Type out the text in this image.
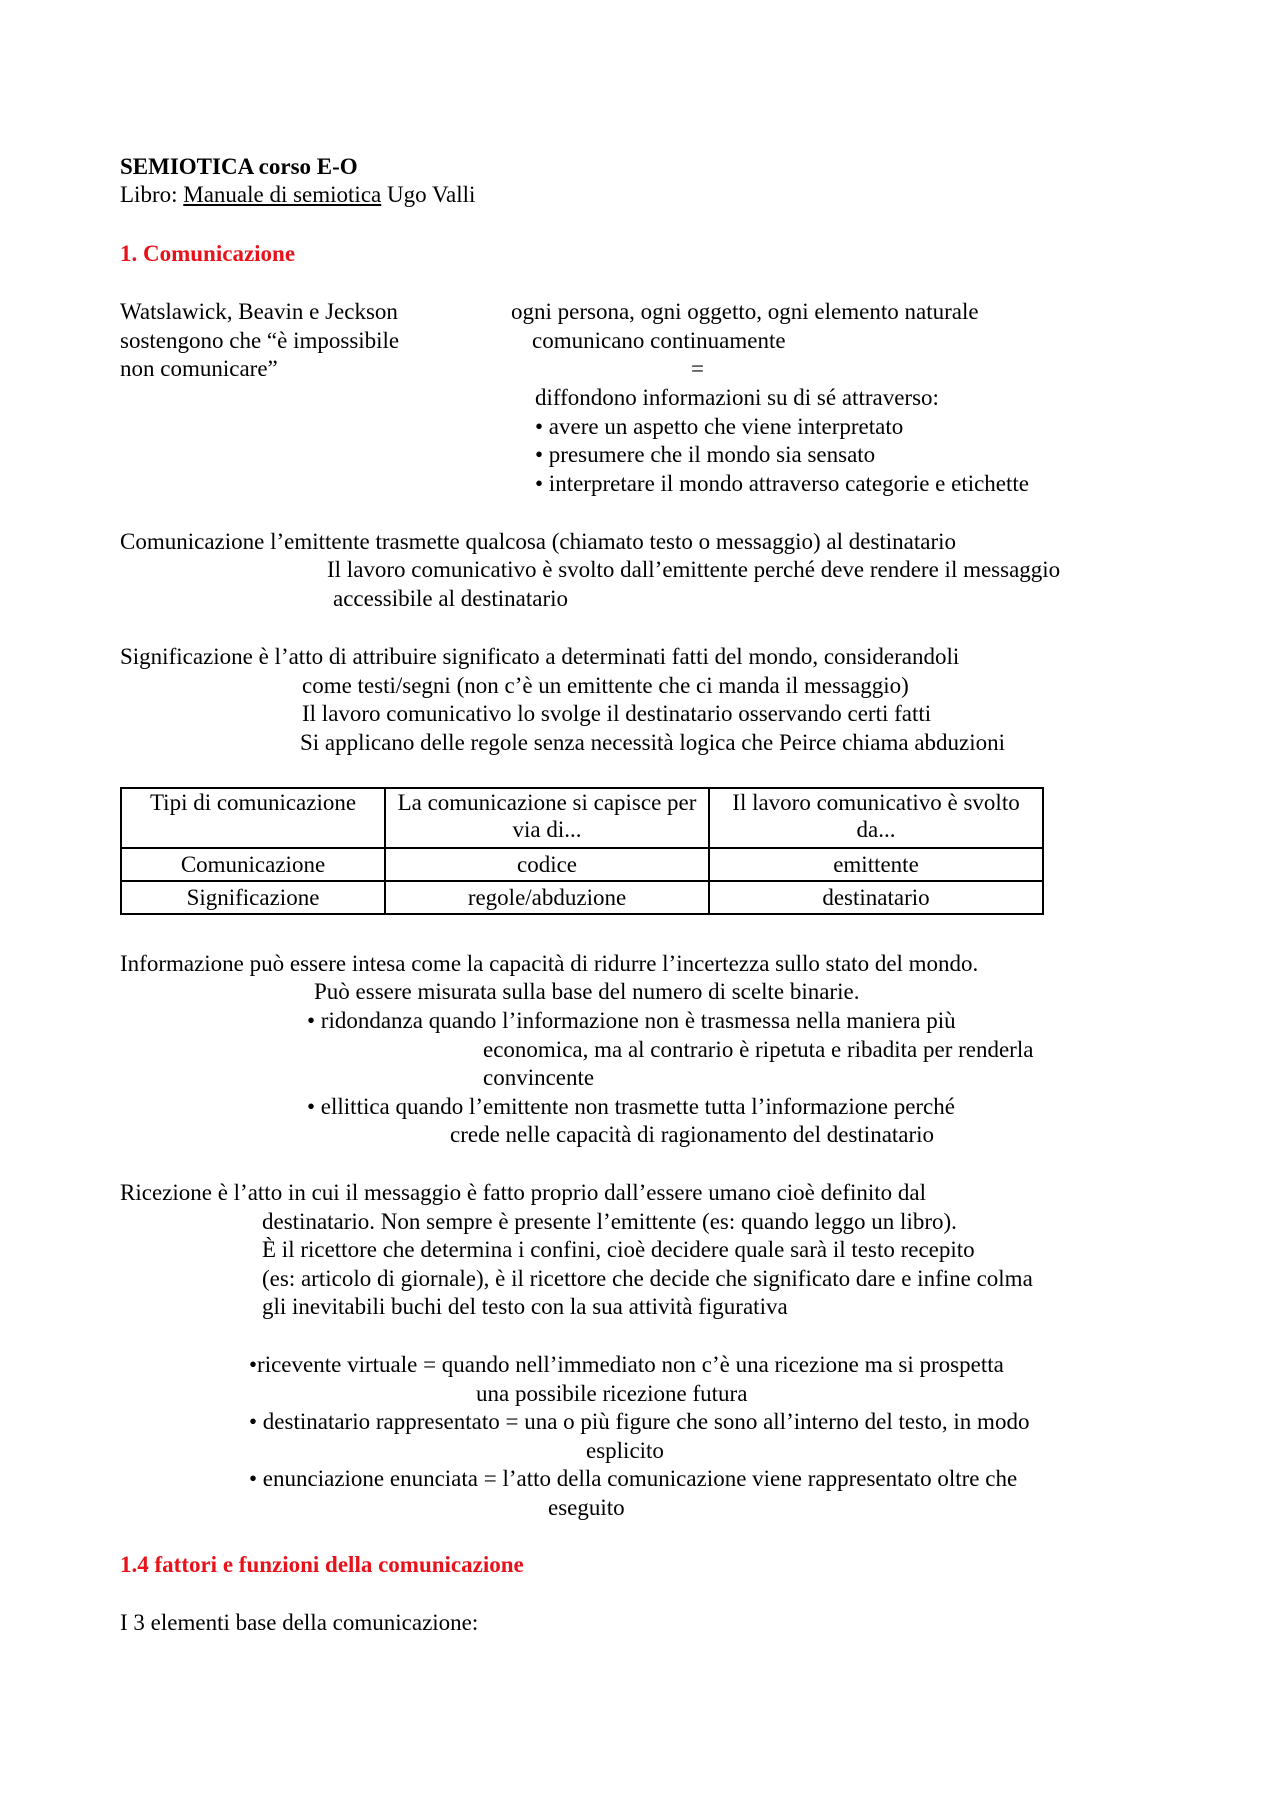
SEMIOTICA corso E-O
Libro: Manuale di semiotica Ugo Valli
1. Comunicazione
Watslawick, Beavin e Jeckson
sostengono che “è impossibile
non comunicare”
ogni persona, ogni oggetto, ogni elemento naturale
comunicano continuamente
=
diffondono informazioni su di sé attraverso:
• avere un aspetto che viene interpretato
• presumere che il mondo sia sensato
• interpretare il mondo attraverso categorie e etichette
Comunicazione l’emittente trasmette qualcosa (chiamato testo o messaggio) al destinatario
Il lavoro comunicativo è svolto dall’emittente perché deve rendere il messaggio
accessibile al destinatario
Significazione è l’atto di attribuire significato a determinati fatti del mondo, considerandoli
come testi/segni (non c’è un emittente che ci manda il messaggio)
Il lavoro comunicativo lo svolge il destinatario osservando certi fatti
Si applicano delle regole senza necessità logica che Peirce chiama abduzioni
Tipi di comunicazione	La comunicazione si capisce per via di...	Il lavoro comunicativo è svolto da...
Comunicazione	codice	emittente
Significazione	regole/abduzione	destinatario
Informazione può essere intesa come la capacità di ridurre l’incertezza sullo stato del mondo.
Può essere misurata sulla base del numero di scelte binarie.
• ridondanza quando l’informazione non è trasmessa nella maniera più
economica, ma al contrario è ripetuta e ribadita per renderla
convincente
• ellittica quando l’emittente non trasmette tutta l’informazione perché
crede nelle capacità di ragionamento del destinatario
Ricezione è l’atto in cui il messaggio è fatto proprio dall’essere umano cioè definito dal
destinatario. Non sempre è presente l’emittente (es: quando leggo un libro).
È il ricettore che determina i confini, cioè decidere quale sarà il testo recepito
(es: articolo di giornale), è il ricettore che decide che significato dare e infine colma
gli inevitabili buchi del testo con la sua attività figurativa
•ricevente virtuale = quando nell’immediato non c’è una ricezione ma si prospetta
una possibile ricezione futura
• destinatario rappresentato = una o più figure che sono all’interno del testo, in modo
esplicito
• enunciazione enunciata = l’atto della comunicazione viene rappresentato oltre che
eseguito
1.4 fattori e funzioni della comunicazione
I 3 elementi base della comunicazione:
